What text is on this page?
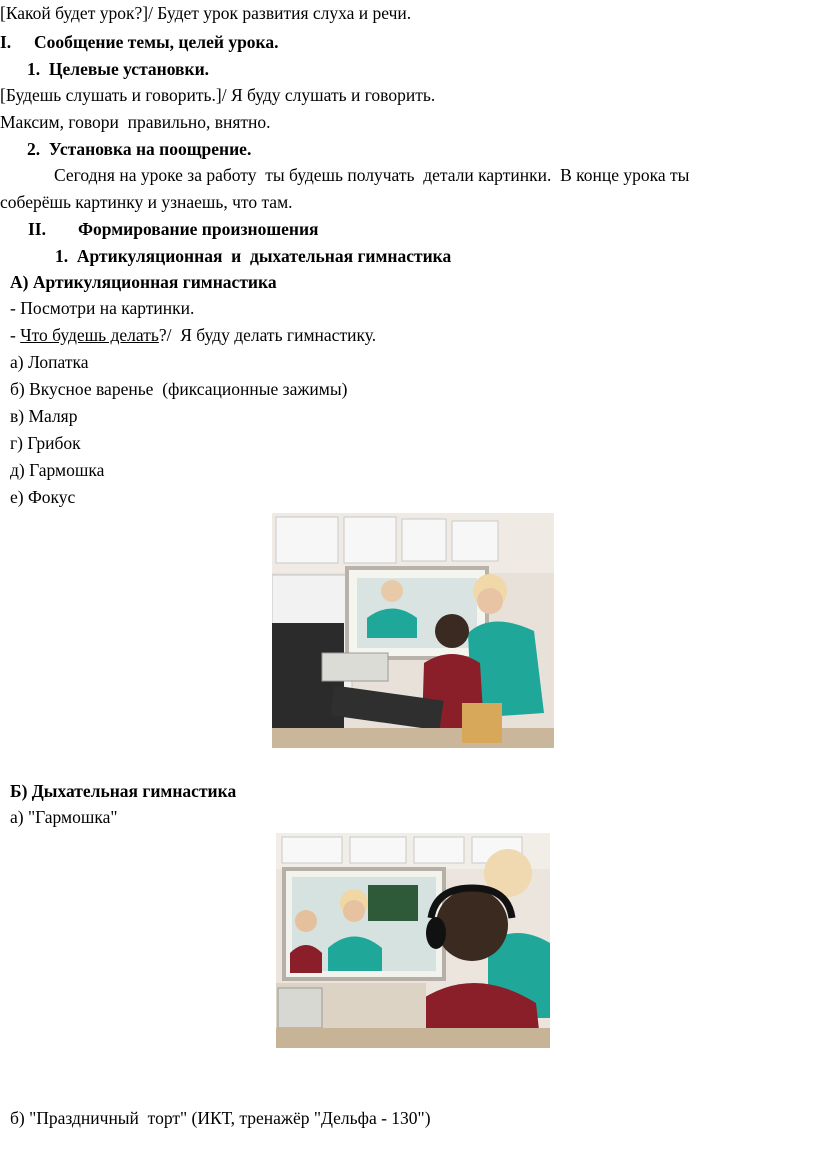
[Какой будет урок?]/ Будет урок развития слуха и речи.
I. Сообщение темы, целей урока.
1.  Целевые установки.
[Будешь слушать и говорить.]/ Я буду слушать и говорить.
Максим, говори  правильно, внятно.
2.  Установка на поощрение.
Сегодня на уроке за работу  ты будешь получать  детали картинки.  В конце урока ты
соберёшь картинку и узнаешь, что там.
II. Формирование произношения
1.  Артикуляционная  и  дыхательная гимнастика
А) Артикуляционная гимнастика
- Посмотри на картинки.
- Что будешь делать?/  Я буду делать гимнастику.
а) Лопатка
б) Вкусное варенье  (фиксационные зажимы)
в) Маляр
г) Грибок
д) Гармошка
е) Фокус
Б) Дыхательная гимнастика
а) "Гармошка"
б) "Праздничный  торт" (ИКТ, тренажёр "Дельфа - 130")
